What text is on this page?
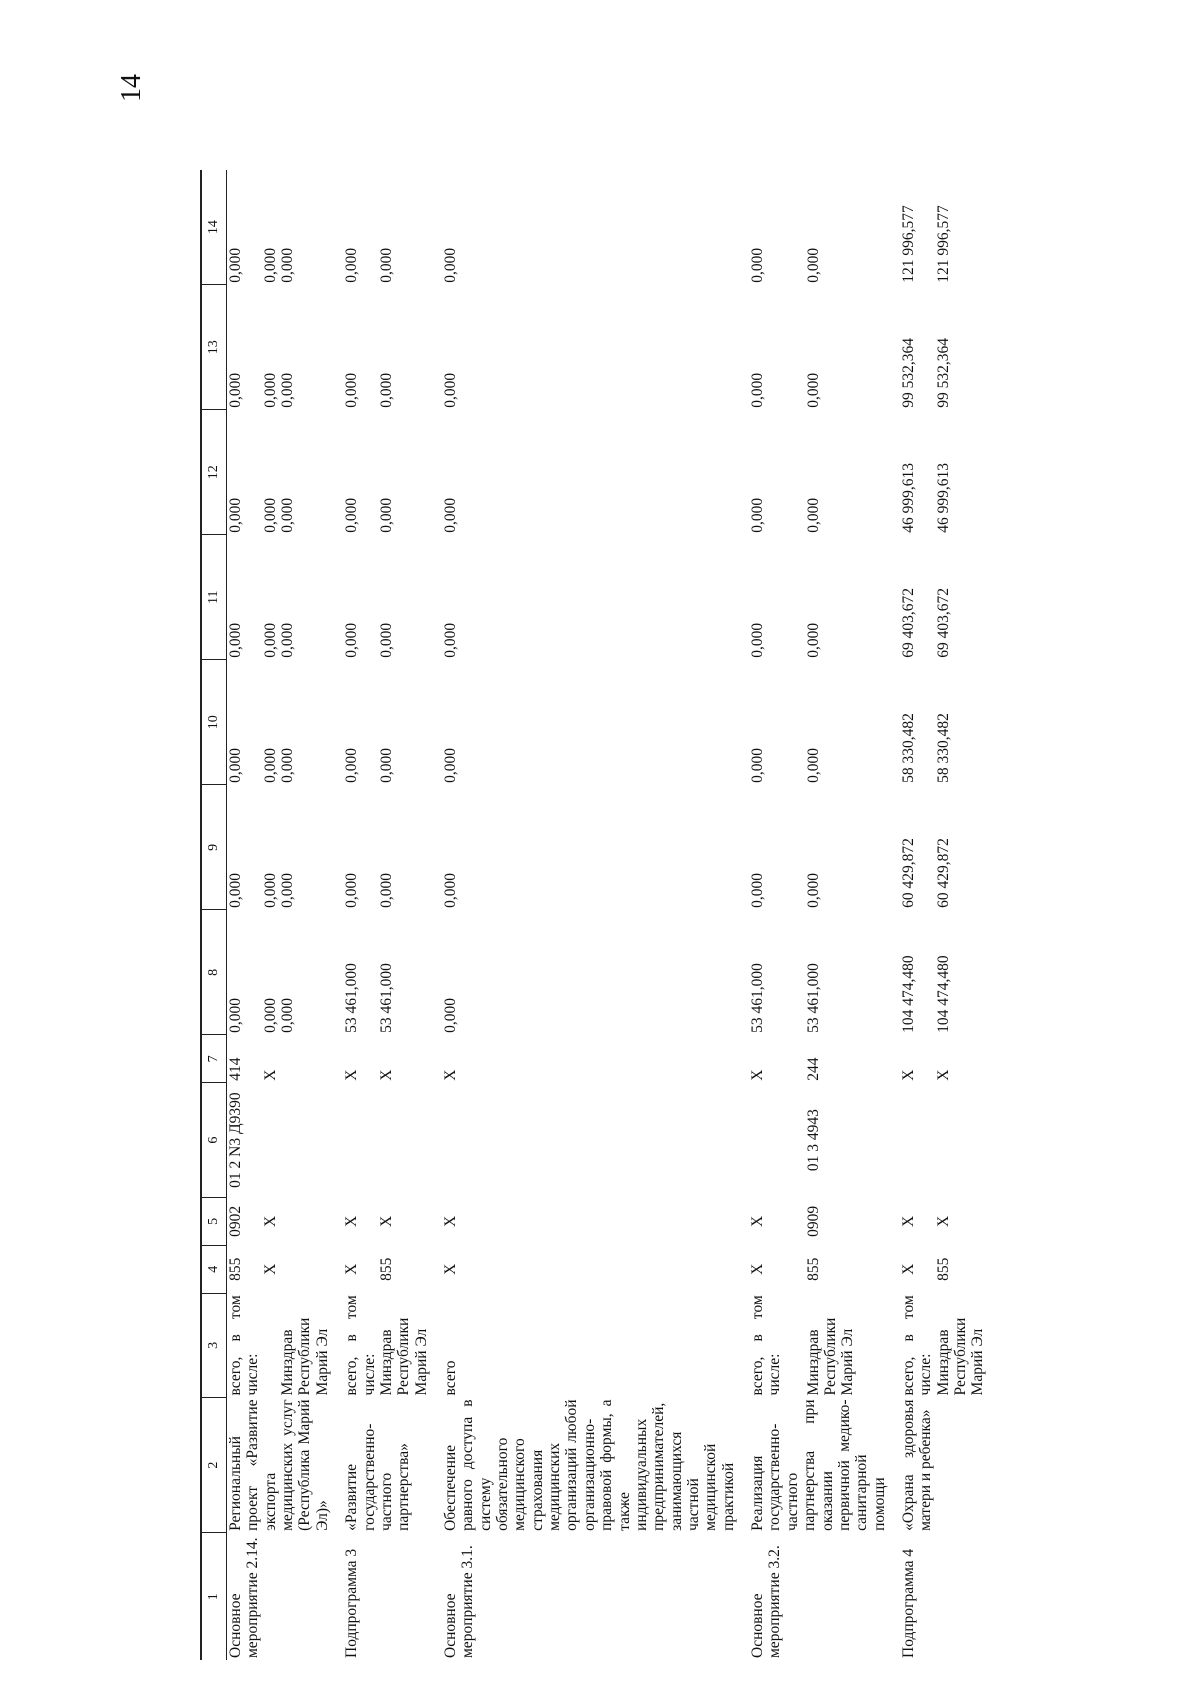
14
1	2	3	4	5	6	7	8	9	10	11	12	13	14
Основное мероприятие 2.14.	Региональный проект «Развитие экспорта медицинских услуг (Республика Марий Эл)»	всего, в том числе:	855	0902	01 2 N3 Д9390	414	0,000	0,000	0,000	0,000	0,000	0,000	0,000
			Х	Х		Х	0,000	0,000	0,000	0,000	0,000	0,000	0,000
		Минздрав Республики Марий Эл					0,000	0,000	0,000	0,000	0,000	0,000	0,000

Подпрограмма 3	«Развитие государственно-частного партнерства»	всего, в том числе:	Х	Х		Х	53 461,000	0,000	0,000	0,000	0,000	0,000	0,000
		Минздрав Республики Марий Эл	855	Х		Х	53 461,000	0,000	0,000	0,000	0,000	0,000	0,000

Основное мероприятие 3.1.	Обеспечение равного доступа в систему обязательного медицинского страхования медицинских организаций любой организационно-правовой формы, а также индивидуальных предпринимателей, занимающихся частной медицинской практикой	всего	Х	Х		Х	0,000	0,000	0,000	0,000	0,000	0,000	0,000

Основное мероприятие 3.2.	Реализация государственно-частного партнерства при оказании первичной медико-санитарной помощи	всего, в том числе:	Х	Х		Х	53 461,000	0,000	0,000	0,000	0,000	0,000	0,000
		Минздрав Республики Марий Эл	855	0909	01 3 4943	244	53 461,000	0,000	0,000	0,000	0,000	0,000	0,000

Подпрограмма 4	«Охрана здоровья матери и ребенка»	всего, в том числе:	Х	Х		Х	104 474,480	60 429,872	58 330,482	69 403,672	46 999,613	99 532,364	121 996,577
		Минздрав Республики Марий Эл	855	Х		Х	104 474,480	60 429,872	58 330,482	69 403,672	46 999,613	99 532,364	121 996,577
